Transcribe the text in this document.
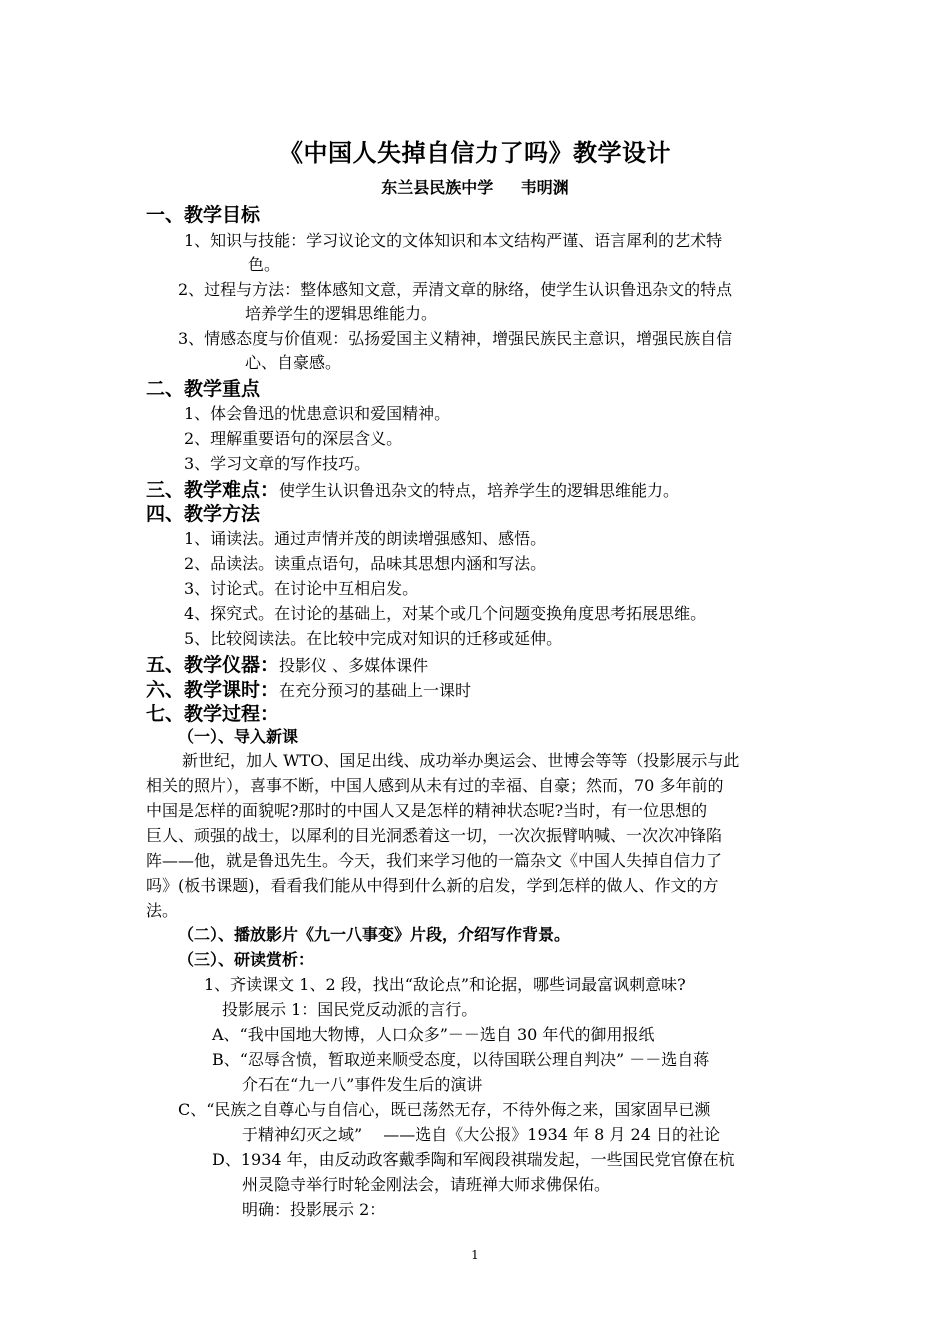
《中国人失掉自信力了吗》教学设计
东兰县民族中学　 韦明渊
一、教学目标
1、知识与技能：学习议论文的文体知识和本文结构严谨、语言犀利的艺术特
色。
2、过程与方法：整体感知文意，弄清文章的脉络，使学生认识鲁迅杂文的特点
培养学生的逻辑思维能力。
3、情感态度与价值观：弘扬爱国主义精神，增强民族民主意识，增强民族自信
心、自豪感。
二、教学重点
1、体会鲁迅的忧患意识和爱国精神。
2、理解重要语句的深层含义。
3、学习文章的写作技巧。
三、教学难点：使学生认识鲁迅杂文的特点，培养学生的逻辑思维能力。
四、教学方法
1、诵读法。通过声情并茂的朗读增强感知、感悟。
2、品读法。读重点语句，品味其思想内涵和写法。
3、讨论式。在讨论中互相启发。
4、探究式。在讨论的基础上，对某个或几个问题变换角度思考拓展思维。
5、比较阅读法。在比较中完成对知识的迁移或延伸。
五、教学仪器：投影仪 、多媒体课件
六、教学课时：在充分预习的基础上一课时
七、教学过程：
（一）、导入新课
新世纪，加人 WTO、国足出线、成功举办奥运会、世博会等等（投影展示与此
相关的照片），喜事不断，中国人感到从未有过的幸福、自豪；然而，70 多年前的
中国是怎样的面貌呢?那时的中国人又是怎样的精神状态呢?当时，有一位思想的
巨人、顽强的战士，以犀利的目光洞悉着这一切，一次次振臂呐喊、一次次冲锋陷
阵——他，就是鲁迅先生。今天，我们来学习他的一篇杂文《中国人失掉自信力了
吗》(板书课题)，看看我们能从中得到什么新的启发，学到怎样的做人、作文的方
法。
（二）、播放影片《九一八事变》片段，介绍写作背景。
（三）、研读赏析：
1、齐读课文 1、2 段，找出“敌论点”和论据，哪些词最富讽刺意味?
投影展示 1：国民党反动派的言行。
A、“我中国地大物博，人口众多”－－选自 30 年代的御用报纸
B、“忍辱含愤，暂取逆来顺受态度，以待国联公理自判决” －－选自蒋
介石在“九一八”事件发生后的演讲
C、“民族之自尊心与自信心，既已荡然无存，不待外侮之来，国家固早已濒
于精神幻灭之域”　 ——选自《大公报》1934 年 8 月 24 日的社论
D、1934 年，由反动政客戴季陶和军阀段祺瑞发起，一些国民党官僚在杭
州灵隐寺举行时轮金刚法会，请班禅大师求佛保佑。
明确：投影展示 2：
1
